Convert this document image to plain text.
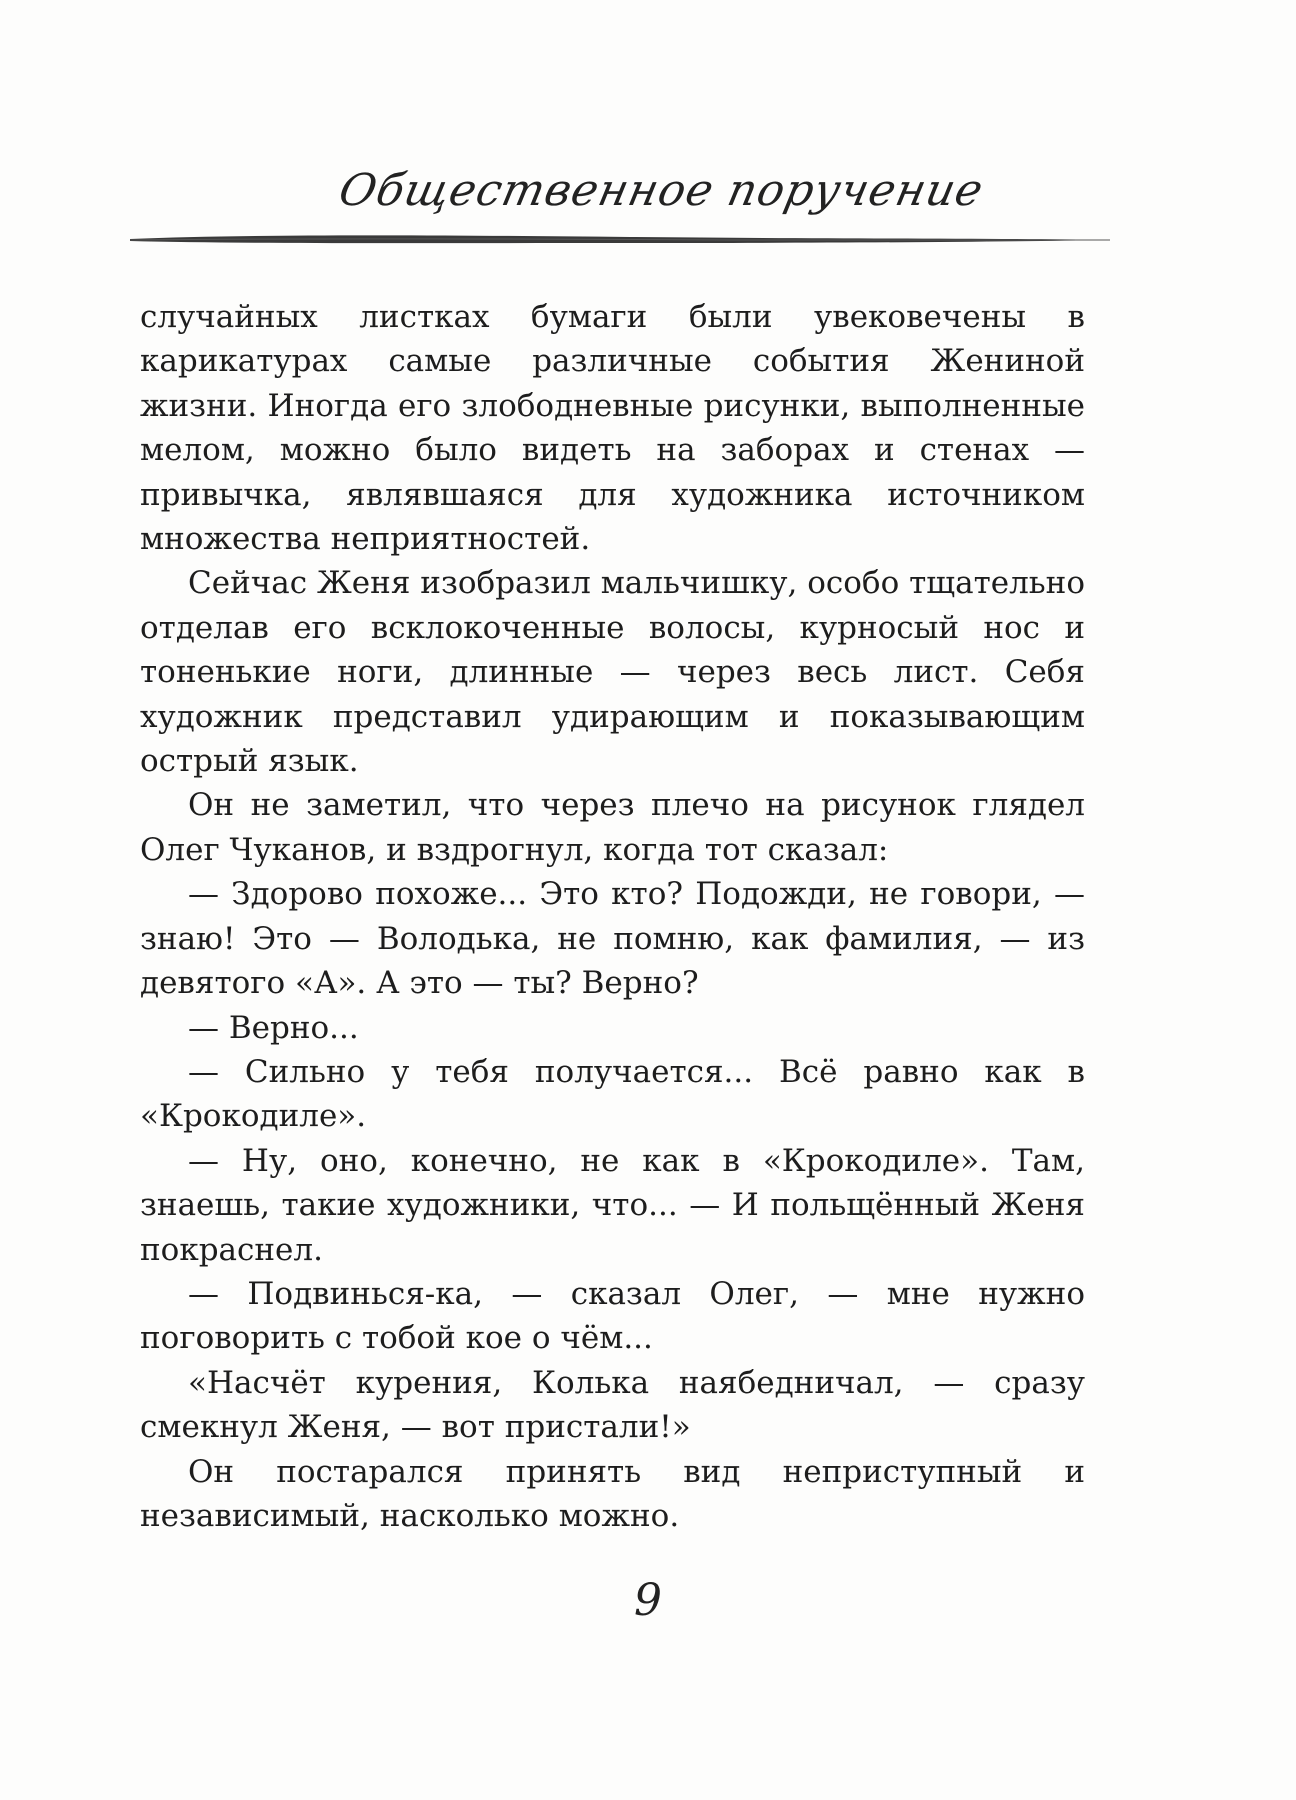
Общественное поручение

случайных листках бумаги были увековечены в карикатурах самые различные события Жениной жизни. Иногда его злободневные рисунки, выполненные мелом, можно было видеть на заборах и стенах — привычка, являвшаяся для художника источником множества неприятностей.

Сейчас Женя изобразил мальчишку, особо тщательно отделав его всклокоченные волосы, курносый нос и тоненькие ноги, длинные — через весь лист. Себя художник представил удирающим и показывающим острый язык.

Он не заметил, что через плечо на рисунок глядел Олег Чуканов, и вздрогнул, когда тот сказал:

— Здорово похоже... Это кто? Подожди, не говори, — знаю! Это — Володька, не помню, как фамилия, — из девятого «А». А это — ты? Верно?

— Верно...

— Сильно у тебя получается... Всё равно как в «Крокодиле».

— Ну, оно, конечно, не как в «Крокодиле». Там, знаешь, такие художники, что... — И польщённый Женя покраснел.

— Подвинься-ка, — сказал Олег, — мне нужно поговорить с тобой кое о чём...

«Насчёт курения, Колька наябедничал, — сразу смекнул Женя, — вот пристали!»

Он постарался принять вид неприступный и независимый, насколько можно.

9
